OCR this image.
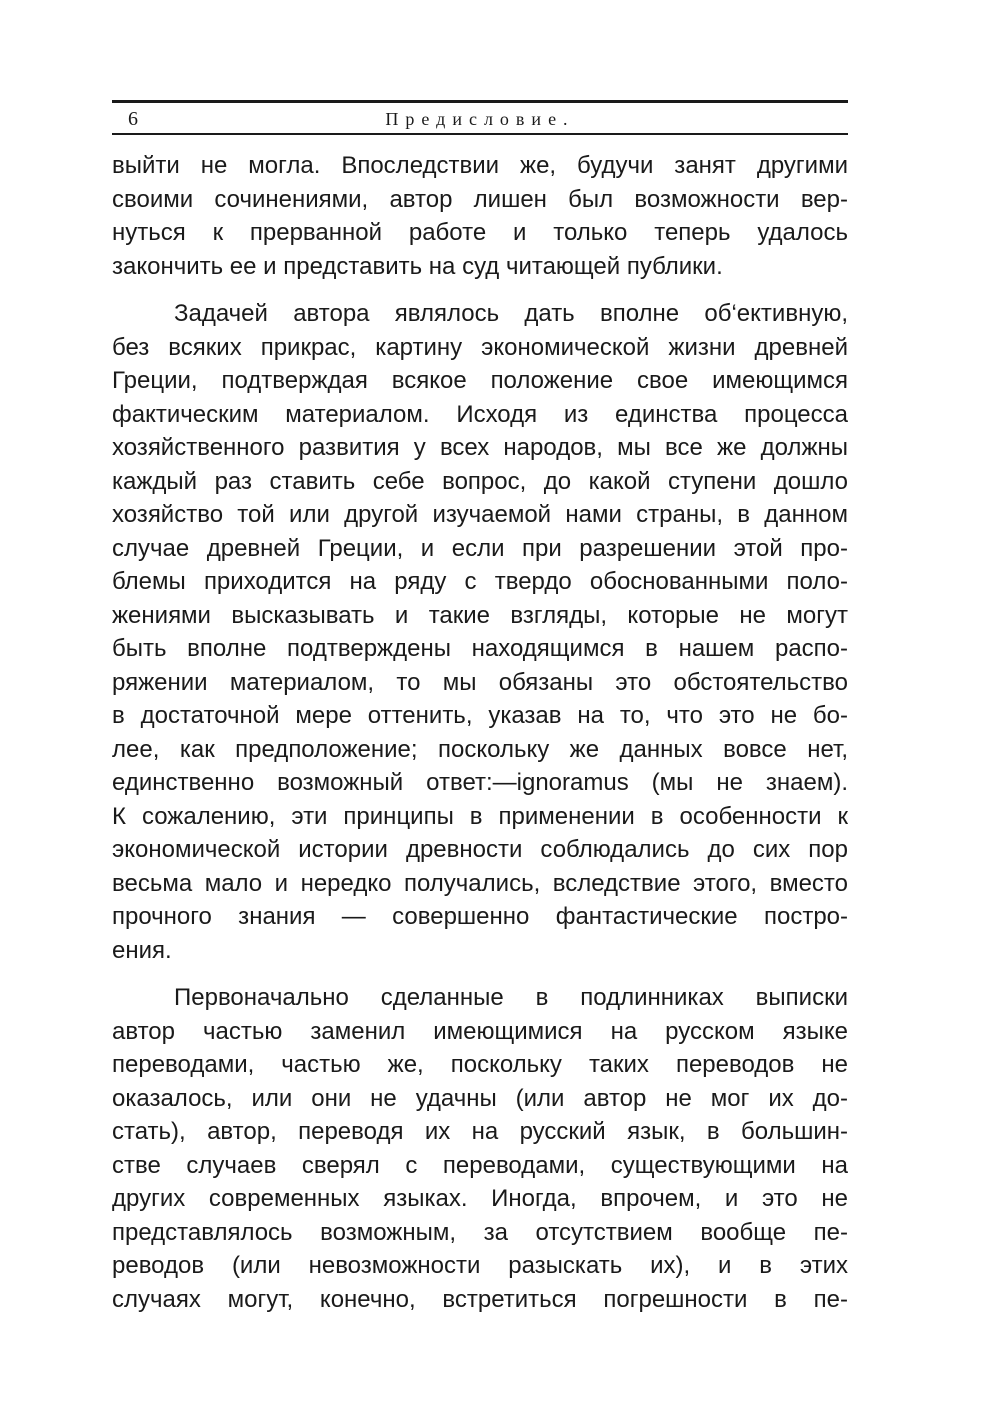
6	Предисловие.
выйти не могла. Впоследствии же, будучи занят другими
своими сочинениями, автор лишен был возможности вер-
нуться к прерванной работе и только теперь удалось
закончить ее и представить на суд читающей публики.
Задачей автора являлось дать вполне об‘ективную,
без всяких прикрас, картину экономической жизни древней
Греции, подтверждая всякое положение свое имеющимся
фактическим материалом. Исходя из единства процесса
хозяйственного развития у всех народов, мы все же должны
каждый раз ставить себе вопрос, до какой ступени дошло
хозяйство той или другой изучаемой нами страны, в данном
случае древней Греции, и если при разрешении этой про-
блемы приходится на ряду с твердо обоснованными поло-
жениями высказывать и такие взгляды, которые не могут
быть вполне подтверждены находящимся в нашем распо-
ряжении материалом, то мы обязаны это обстоятельство
в достаточной мере оттенить, указав на то, что это не бо-
лее, как предположение; поскольку же данных вовсе нет,
единственно возможный ответ:—ignoramus (мы не знаем).
К сожалению, эти принципы в применении в особенности к
экономической истории древности соблюдались до сих пор
весьма мало и нередко получались, вследствие этого, вместо
прочного знания — совершенно фантастические постро-
ения.
Первоначально сделанные в подлинниках выписки
автор частью заменил имеющимися на русском языке
переводами, частью же, поскольку таких переводов не
оказалось, или они не удачны (или автор не мог их до-
стать), автор, переводя их на русский язык, в большин-
стве случаев сверял с переводами, существующими на
других современных языках. Иногда, впрочем, и это не
представлялось возможным, за отсутствием вообще пе-
реводов (или невозможности разыскать их), и в этих
случаях могут, конечно, встретиться погрешности в пе-
